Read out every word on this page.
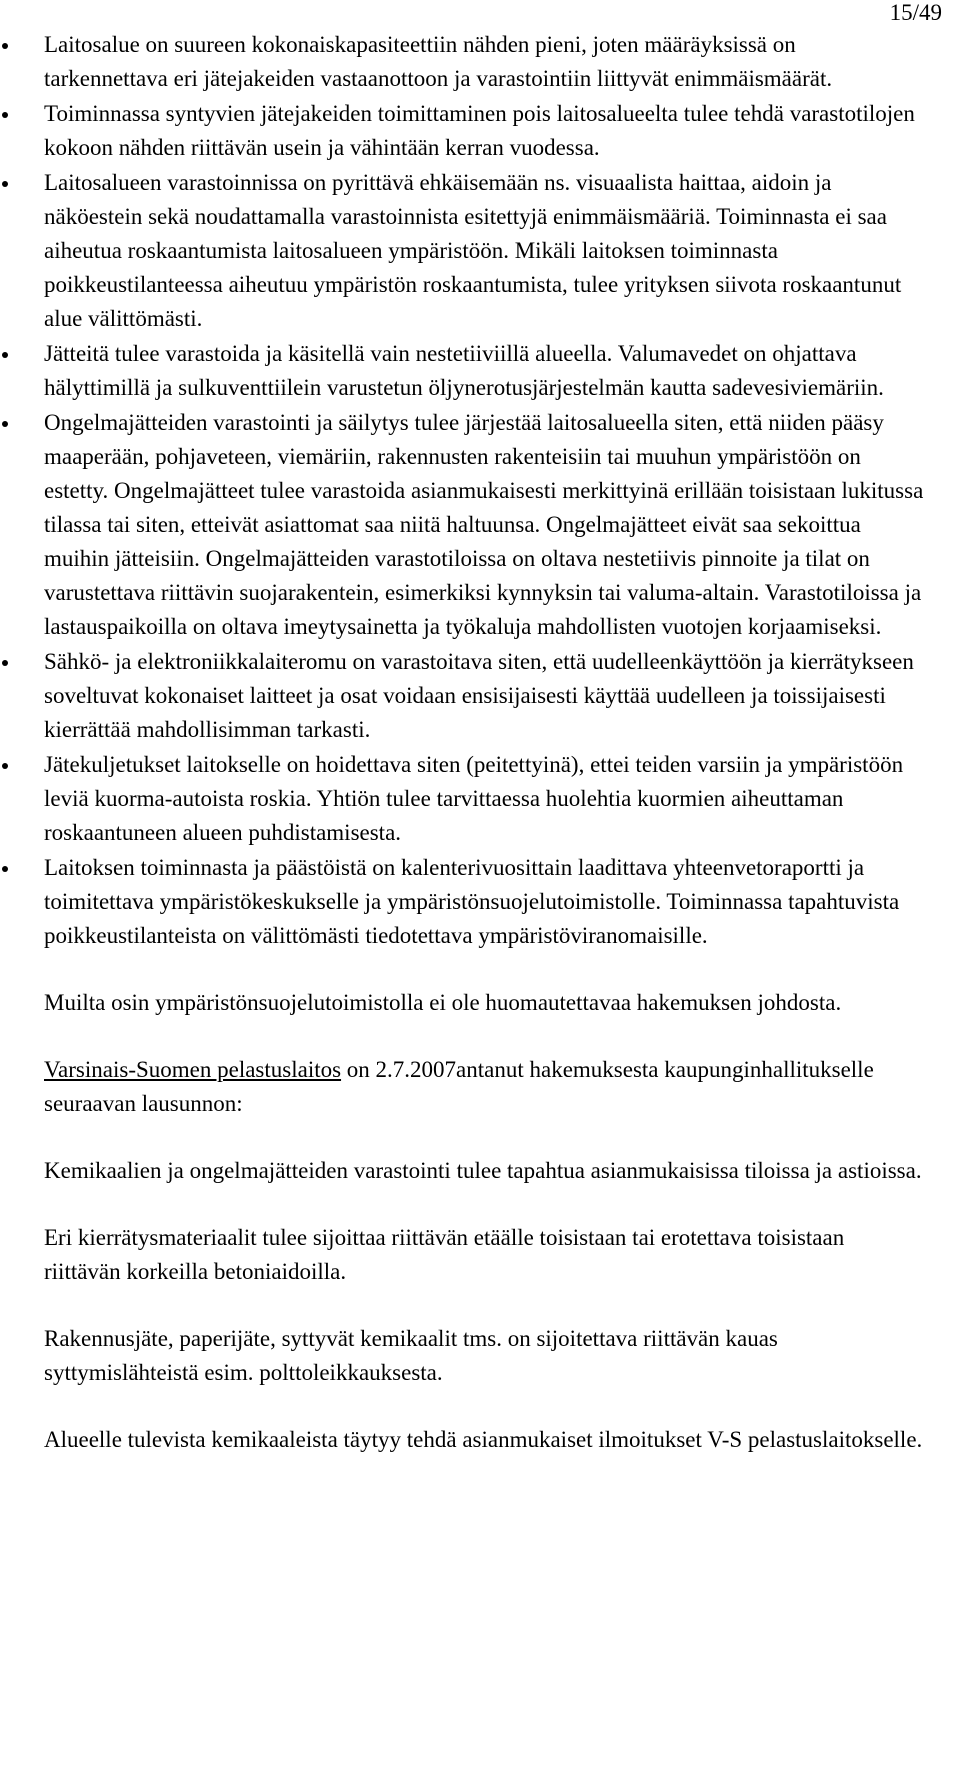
15/49
Laitosalue on suureen kokonaiskapasiteettiin nähden pieni, joten määräyksissä on tarkennettava eri jätejakeiden vastaanottoon ja varastointiin liittyvät enimmäismäärät.
Toiminnassa syntyvien jätejakeiden toimittaminen pois laitosalueelta tulee tehdä varastotilojen kokoon nähden riittävän usein ja vähintään kerran vuodessa.
Laitosalueen varastoinnissa on pyrittävä ehkäisemään ns. visuaalista haittaa, aidoin ja näköestein sekä noudattamalla varastoinnista esitettyjä enimmäismääriä. Toiminnasta ei saa aiheutua roskaantumista laitosalueen ympäristöön. Mikäli laitoksen toiminnasta poikkeustilanteessa aiheutuu ympäristön roskaantumista, tulee yrityksen siivota roskaantunut alue välittömästi.
Jätteitä tulee varastoida ja käsitellä vain nestetiiviillä alueella. Valumavedet on ohjattava hälyttimillä ja sulkuventtiilein varustetun öljynerotusjärjestelmän kautta sadevesiviemäriin.
Ongelmajätteiden varastointi ja säilytys tulee järjestää laitosalueella siten, että niiden pääsy maaperään, pohjaveteen, viemäriin, rakennusten rakenteisiin tai muuhun ympäristöön on estetty. Ongelmajätteet tulee varastoida asianmukaisesti merkittyinä erillään toisistaan lukitussa tilassa tai siten, etteivät asiattomat saa niitä haltuunsa. Ongelmajätteet eivät saa sekoittua muihin jätteisiin. Ongelmajätteiden varastotiloissa on oltava nestetiivis pinnoite ja tilat on varustettava riittävin suojarakentein, esimerkiksi kynnyksin tai valuma-altain. Varastotiloissa ja lastauspaikoilla on oltava imeytysainetta ja työkaluja mahdollisten vuotojen korjaamiseksi.
Sähkö- ja elektroniikkalaiteromu on varastoitava siten, että uudelleenkäyttöön ja kierrätykseen soveltuvat kokonaiset laitteet ja osat voidaan ensisijaisesti käyttää uudelleen ja toissijaisesti kierrättää mahdollisimman tarkasti.
Jätekuljetukset laitokselle on hoidettava siten (peitettyinä), ettei teiden varsiin ja ympäristöön leviä kuorma-autoista roskia. Yhtiön tulee tarvittaessa huolehtia kuormien aiheuttaman roskaantuneen alueen puhdistamisesta.
Laitoksen toiminnasta ja päästöistä on kalenterivuosittain laadittava yhteenvetoraportti ja toimitettava ympäristökeskukselle ja ympäristönsuojelutoimistolle. Toiminnassa tapahtuvista poikkeustilanteista on välittömästi tiedotettava ympäristöviranomaisille.

Muilta osin ympäristönsuojelutoimistolla ei ole huomautettavaa hakemuksen johdosta.

Varsinais-Suomen pelastuslaitos on 2.7.2007antanut hakemuksesta kaupunginhallitukselle seuraavan lausunnon:

Kemikaalien ja ongelmajätteiden varastointi tulee tapahtua asianmukaisissa tiloissa ja astioissa.

Eri kierrätysmateriaalit tulee sijoittaa riittävän etäälle toisistaan tai erotettava toisistaan riittävän korkeilla betoniaidoilla.

Rakennusjäte, paperijäte, syttyvät kemikaalit tms. on sijoitettava riittävän kauas syttymislähteistä esim. polttoleikkauksesta.

Alueelle tulevista kemikaaleista täytyy tehdä asianmukaiset ilmoitukset V-S pelastuslaitokselle.
